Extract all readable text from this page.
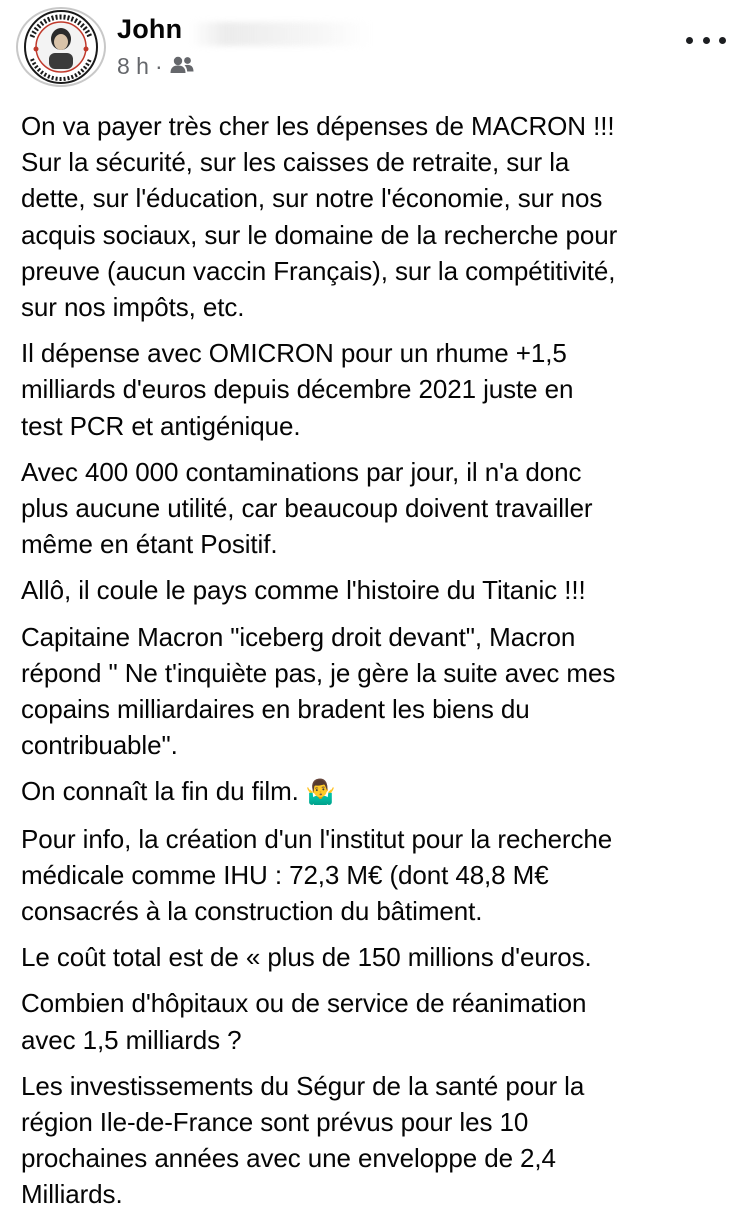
John
8 h ·

On va payer très cher les dépenses de MACRON !!!
Sur la sécurité, sur les caisses de retraite, sur la
dette, sur l'éducation, sur notre l'économie, sur nos
acquis sociaux, sur le domaine de la recherche pour
preuve (aucun vaccin Français), sur la compétitivité,
sur nos impôts, etc.

Il dépense avec OMICRON pour un rhume +1,5
milliards d'euros depuis décembre 2021 juste en
test PCR et antigénique.

Avec 400 000 contaminations par jour, il n'a donc
plus aucune utilité, car beaucoup doivent travailler
même en étant Positif.

Allô, il coule le pays comme l'histoire du Titanic !!!

Capitaine Macron "iceberg droit devant", Macron
répond " Ne t'inquiète pas, je gère la suite avec mes
copains milliardaires en bradent les biens du
contribuable".

On connaît la fin du film. 🤷‍♂️

Pour info, la création d'un l'institut pour la recherche
médicale comme IHU : 72,3 M€ (dont 48,8 M€
consacrés à la construction du bâtiment.

Le coût total est de « plus de 150 millions d'euros.

Combien d'hôpitaux ou de service de réanimation
avec 1,5 milliards ?

Les investissements du Ségur de la santé pour la
région Ile-de-France sont prévus pour les 10
prochaines années avec une enveloppe de 2,4
Milliards.
